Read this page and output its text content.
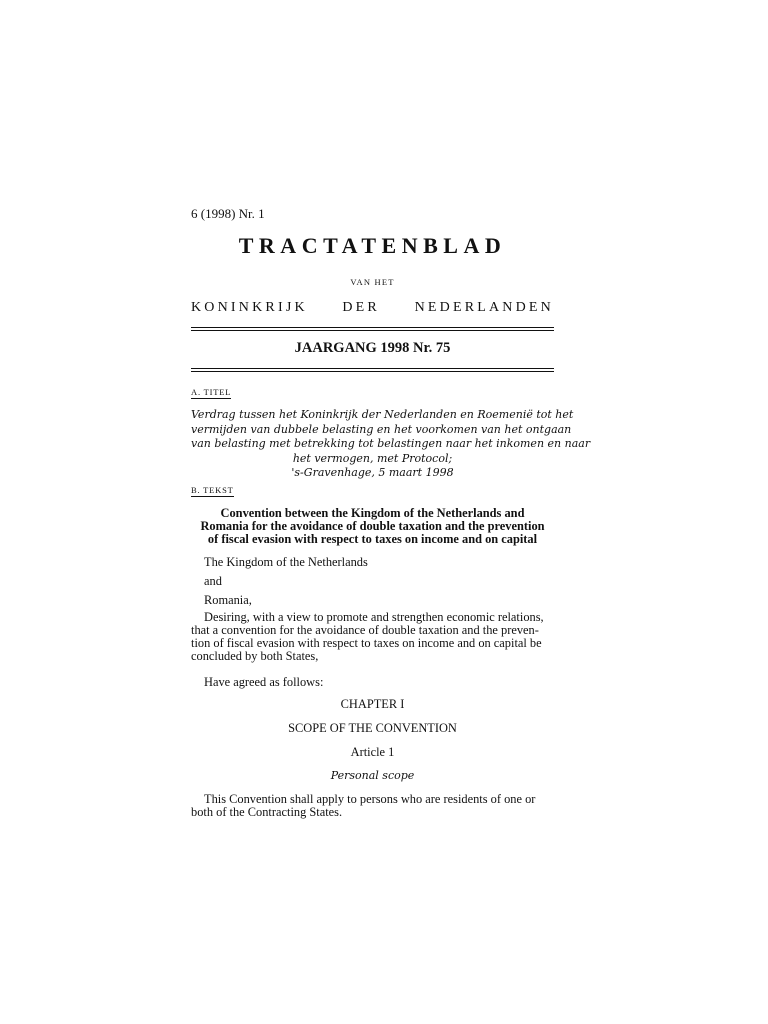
6 (1998) Nr. 1
TRACTATENBLAD
VAN HET
KONINKRIJK DER NEDERLANDEN
JAARGANG 1998 Nr. 75
A. TITEL
Verdrag tussen het Koninkrijk der Nederlanden en Roemenië tot het
vermijden van dubbele belasting en het voorkomen van het ontgaan
van belasting met betrekking tot belastingen naar het inkomen en naar
het vermogen, met Protocol;
's-Gravenhage, 5 maart 1998
B. TEKST
Convention between the Kingdom of the Netherlands and
Romania for the avoidance of double taxation and the prevention
of fiscal evasion with respect to taxes on income and on capital
The Kingdom of the Netherlands
and
Romania,
Desiring, with a view to promote and strengthen economic relations,
that a convention for the avoidance of double taxation and the preven-
tion of fiscal evasion with respect to taxes on income and on capital be
concluded by both States,
Have agreed as follows:
CHAPTER I
SCOPE OF THE CONVENTION
Article 1
Personal scope
This Convention shall apply to persons who are residents of one or
both of the Contracting States.
